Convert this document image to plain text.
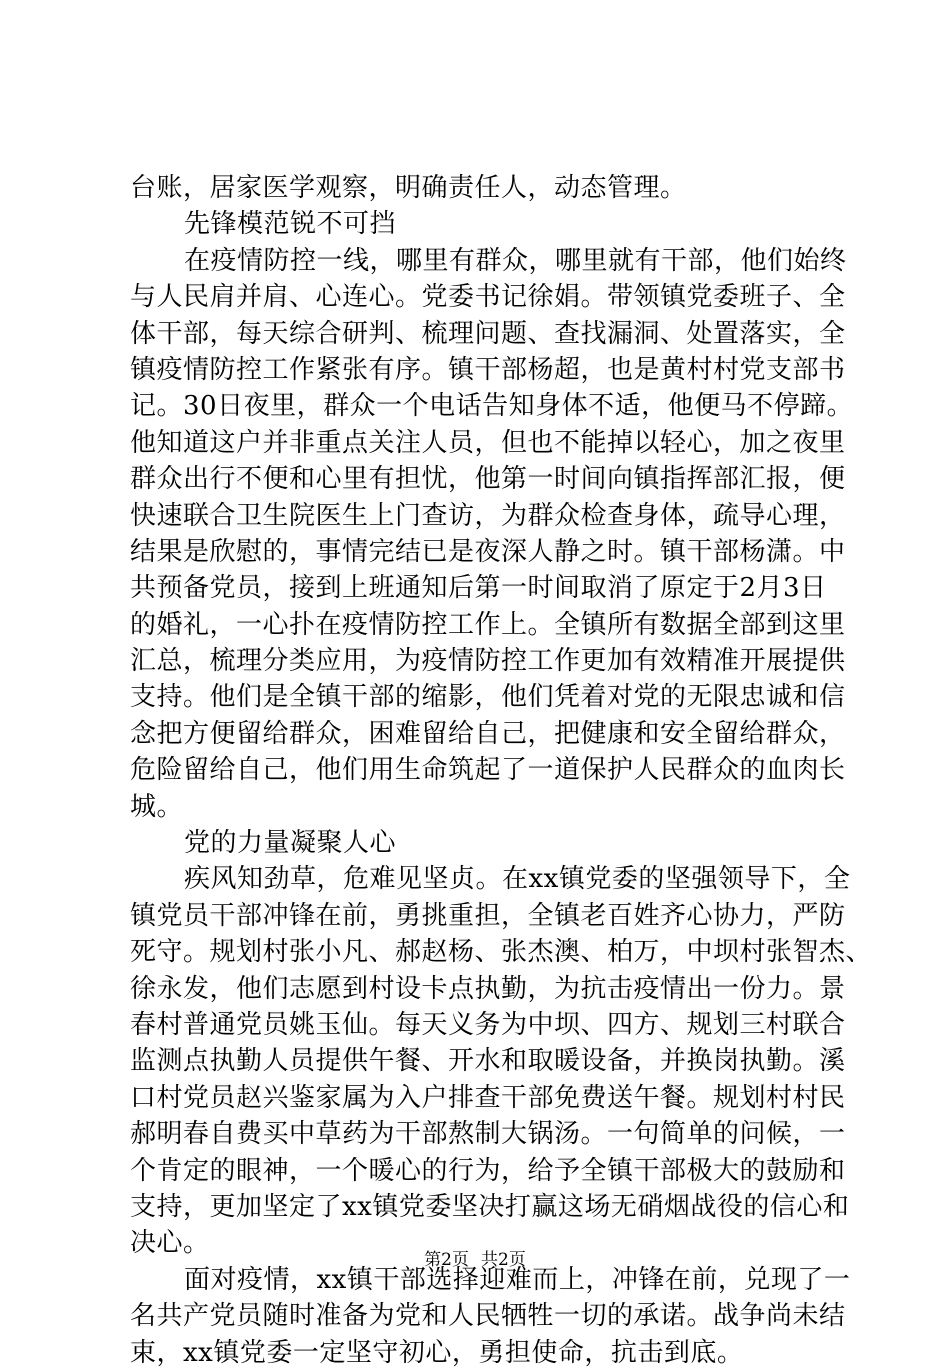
台账，居家医学观察，明确责任人，动态管理。
先锋模范锐不可挡
在疫情防控一线，哪里有群众，哪里就有干部，他们始终
与人民肩并肩、心连心。党委书记徐娟。带领镇党委班子、全
体干部，每天综合研判、梳理问题、查找漏洞、处置落实，全
镇疫情防控工作紧张有序。镇干部杨超，也是黄村村党支部书
记。30日夜里，群众一个电话告知身体不适，他便马不停蹄。
他知道这户并非重点关注人员，但也不能掉以轻心，加之夜里
群众出行不便和心里有担忧，他第一时间向镇指挥部汇报，便
快速联合卫生院医生上门查访，为群众检查身体，疏导心理，
结果是欣慰的，事情完结已是夜深人静之时。镇干部杨潇。中
共预备党员，接到上班通知后第一时间取消了原定于2月3日
的婚礼，一心扑在疫情防控工作上。全镇所有数据全部到这里
汇总，梳理分类应用，为疫情防控工作更加有效精准开展提供
支持。他们是全镇干部的缩影，他们凭着对党的无限忠诚和信
念把方便留给群众，困难留给自己，把健康和安全留给群众，
危险留给自己，他们用生命筑起了一道保护人民群众的血肉长
城。
党的力量凝聚人心
疾风知劲草，危难见坚贞。在xx镇党委的坚强领导下，全
镇党员干部冲锋在前，勇挑重担，全镇老百姓齐心协力，严防
死守。规划村张小凡、郝赵杨、张杰澳、柏万，中坝村张智杰、
徐永发，他们志愿到村设卡点执勤，为抗击疫情出一份力。景
春村普通党员姚玉仙。每天义务为中坝、四方、规划三村联合
监测点执勤人员提供午餐、开水和取暖设备，并换岗执勤。溪
口村党员赵兴鉴家属为入户排查干部免费送午餐。规划村村民
郝明春自费买中草药为干部熬制大锅汤。一句简单的问候，一
个肯定的眼神，一个暖心的行为，给予全镇干部极大的鼓励和
支持，更加坚定了xx镇党委坚决打赢这场无硝烟战役的信心和
决心。
面对疫情，xx镇干部选择迎难而上，冲锋在前，兑现了一
名共产党员随时准备为党和人民牺牲一切的承诺。战争尚未结
束，xx镇党委一定坚守初心，勇担使命，抗击到底。
第2页 共2页
